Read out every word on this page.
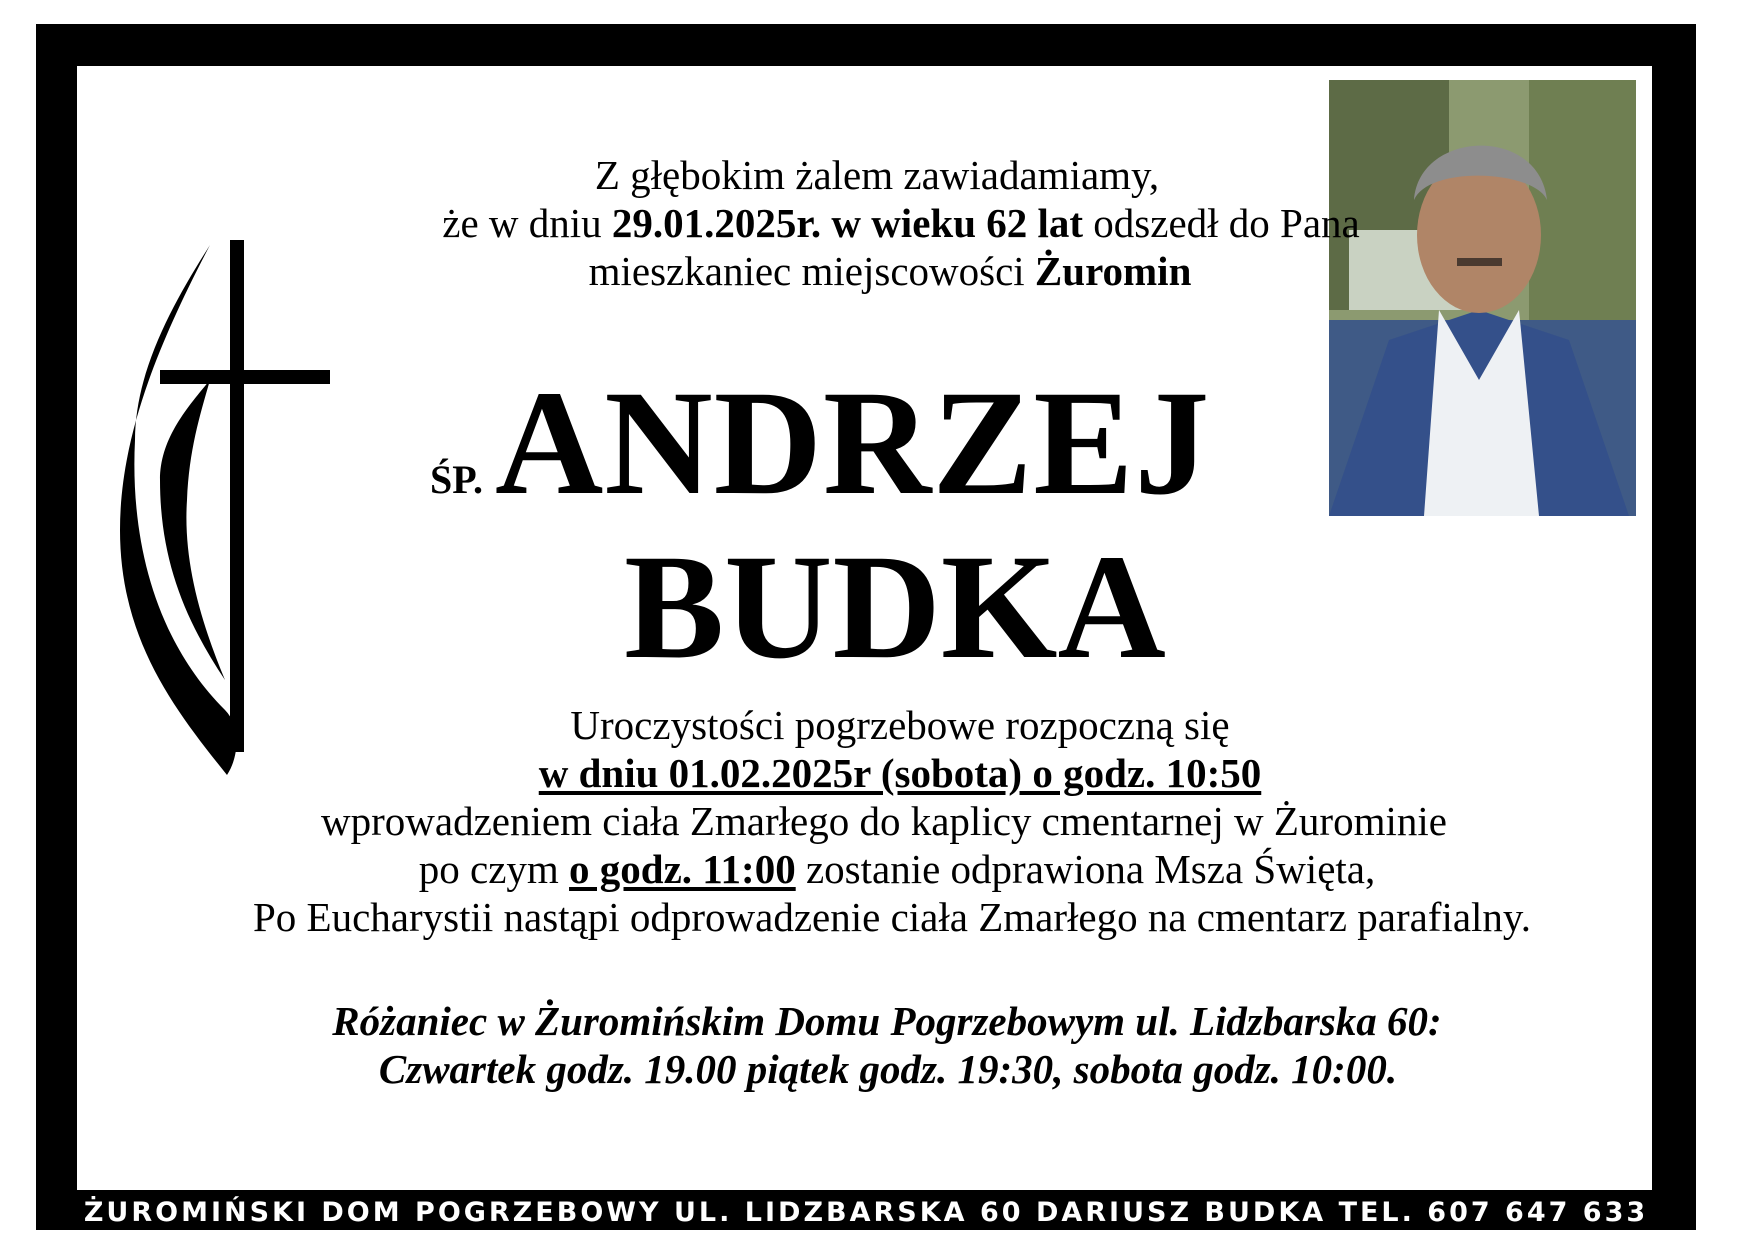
Z głębokim żalem zawiadamiamy,
że w dniu 29.01.2025r. w wieku 62 lat odszedł do Pana
mieszkaniec miejscowości Żuromin
ŚP.ANDRZEJ
BUDKA
Uroczystości pogrzebowe rozpoczną się
w dniu 01.02.2025r (sobota) o godz. 10:50
wprowadzeniem ciała Zmarłego do kaplicy cmentarnej w Żurominie
po czym o godz. 11:00 zostanie odprawiona Msza Święta,
Po Eucharystii nastąpi odprowadzenie ciała Zmarłego na cmentarz parafialny.
Różaniec w Żuromińskim Domu Pogrzebowym ul. Lidzbarska 60:
Czwartek godz. 19.00 piątek godz. 19:30, sobota godz. 10:00.
ŻUROMIŃSKI DOM POGRZEBOWY UL. LIDZBARSKA 60 DARIUSZ BUDKA TEL. 607 647 633
